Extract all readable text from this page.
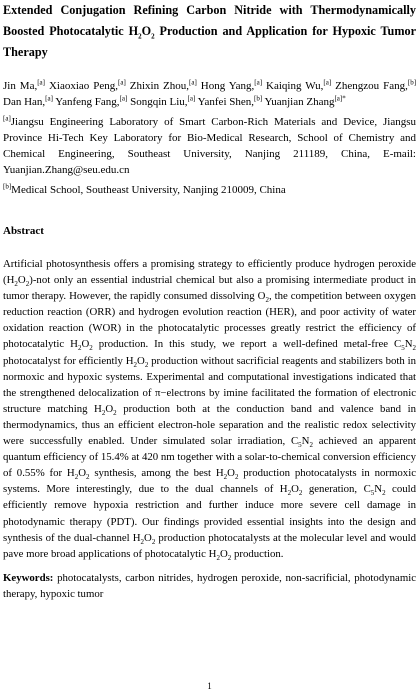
Extended Conjugation Refining Carbon Nitride with Thermodynamically Boosted Photocatalytic $H_2O_2$ Production and Application for Hypoxic Tumor Therapy

Jin Ma,[a] Xiaoxiao Peng,[a] Zhixin Zhou,[a] Hong Yang,[a] Kaiqing Wu,[a] Zhengzou Fang,[b] Dan Han,[a] Yanfeng Fang,[a] Songqin Liu,[a] Yanfei Shen,[b] Yuanjian Zhang$^{[a]*}$

[a]Jiangsu Engineering Laboratory of Smart Carbon-Rich Materials and Device, Jiangsu Province Hi-Tech Key Laboratory for Bio-Medical Research, School of Chemistry and Chemical Engineering, Southeast University, Nanjing 211189, China, E-mail: Yuanjian.Zhang@seu.edu.cn

[b]Medical School, Southeast University, Nanjing 210009, China

Abstract

Artificial photosynthesis offers a promising strategy to efficiently produce hydrogen peroxide $(H_2O_2)$-not only an essential industrial chemical but also a promising intermediate product in tumor therapy. However, the rapidly consumed dissolving $O_2$, the competition between oxygen reduction reaction (ORR) and hydrogen evolution reaction (HER), and poor activity of water oxidation reaction (WOR) in the photocatalytic processes greatly restrict the efficiency of photocatalytic $H_2O_2$ production. In this study, we report a well-defined metal-free $C_5N_2$ photocatalyst for efficiently $H_2O_2$ production without sacrificial reagents and stabilizers both in normoxic and hypoxic systems. Experimental and computational investigations indicated that the strengthened delocalization of π−electrons by imine facilitated the formation of electronic structure matching $H_2O_2$ production both at the conduction band and valence band in thermodynamics, thus an efficient electron-hole separation and the realistic redox selectivity were successfully enabled. Under simulated solar irradiation, $C_5N_2$ achieved an apparent quantum efficiency of 15.4% at 420 nm together with a solar-to-chemical conversion efficiency of 0.55% for $H_2O_2$ synthesis, among the best $H_2O_2$ production photocatalysts in normoxic systems. More interestingly, due to the dual channels of $H_2O_2$ generation, $C_5N_2$ could efficiently remove hypoxia restriction and further induce more severe cell damage in photodynamic therapy (PDT). Our findings provided essential insights into the design and synthesis of the dual-channel $H_2O_2$ production photocatalysts at the molecular level and would pave more broad applications of photocatalytic $H_2O_2$ production.

Keywords: photocatalysts, carbon nitrides, hydrogen peroxide, non-sacrificial, photodynamic therapy, hypoxic tumor

1
